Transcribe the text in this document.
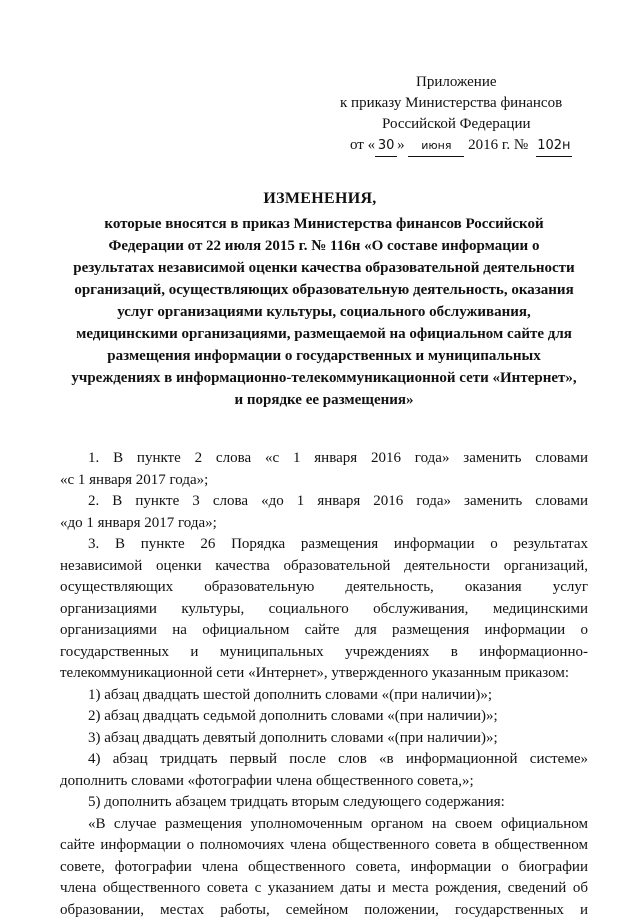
Приложение
к приказу Министерства финансов
Российской Федерации
от « 30 » июня 2016 г. № 102н
ИЗМЕНЕНИЯ,
которые вносятся в приказ Министерства финансов Российской
Федерации от 22 июля 2015 г. № 116н «О составе информации о
результатах независимой оценки качества образовательной деятельности
организаций, осуществляющих образовательную деятельность, оказания
услуг организациями культуры, социального обслуживания,
медицинскими организациями, размещаемой на официальном сайте для
размещения информации о государственных и муниципальных
учреждениях в информационно-телекоммуникационной сети «Интернет»,
и порядке ее размещения»
1. В пункте 2 слова «с 1 января 2016 года» заменить словами
«с 1 января 2017 года»;
2. В пункте 3 слова «до 1 января 2016 года» заменить словами
«до 1 января 2017 года»;
3. В пункте 26 Порядка размещения информации о результатах
независимой оценки качества образовательной деятельности организаций,
осуществляющих образовательную деятельность, оказания услуг
организациями культуры, социального обслуживания, медицинскими
организациями на официальном сайте для размещения информации о
государственных и муниципальных учреждениях в информационно-
телекоммуникационной сети «Интернет», утвержденного указанным приказом:
1) абзац двадцать шестой дополнить словами «(при наличии)»;
2) абзац двадцать седьмой дополнить словами «(при наличии)»;
3) абзац двадцать девятый дополнить словами «(при наличии)»;
4) абзац тридцать первый после слов «в информационной системе»
дополнить словами «фотографии члена общественного совета,»;
5) дополнить абзацем тридцать вторым следующего содержания:
«В случае размещения уполномоченным органом на своем официальном
сайте информации о полномочиях члена общественного совета в общественном
совете, фотографии члена общественного совета, информации о биографии
члена общественного совета с указанием даты и места рождения, сведений об
образовании, местах работы, семейном положении, государственных и
